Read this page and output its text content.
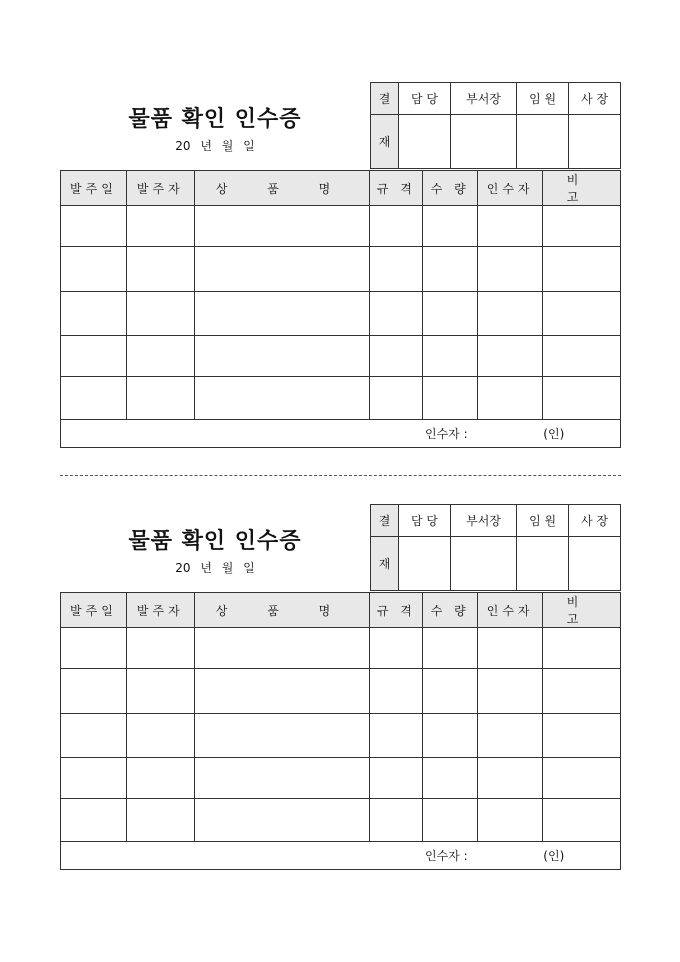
물품 확인 인수증
20 년 월 일
결	담 당	부서장	임 원	사 장
재				
발주일	발주자	상 품 명	규 격	수 량	인수자	비 고

인수자 : (인)						
물품 확인 인수증
20 년 월 일
결	담 당	부서장	임 원	사 장
재				
발주일	발주자	상 품 명	규 격	수 량	인수자	비 고

인수자 : (인)						
